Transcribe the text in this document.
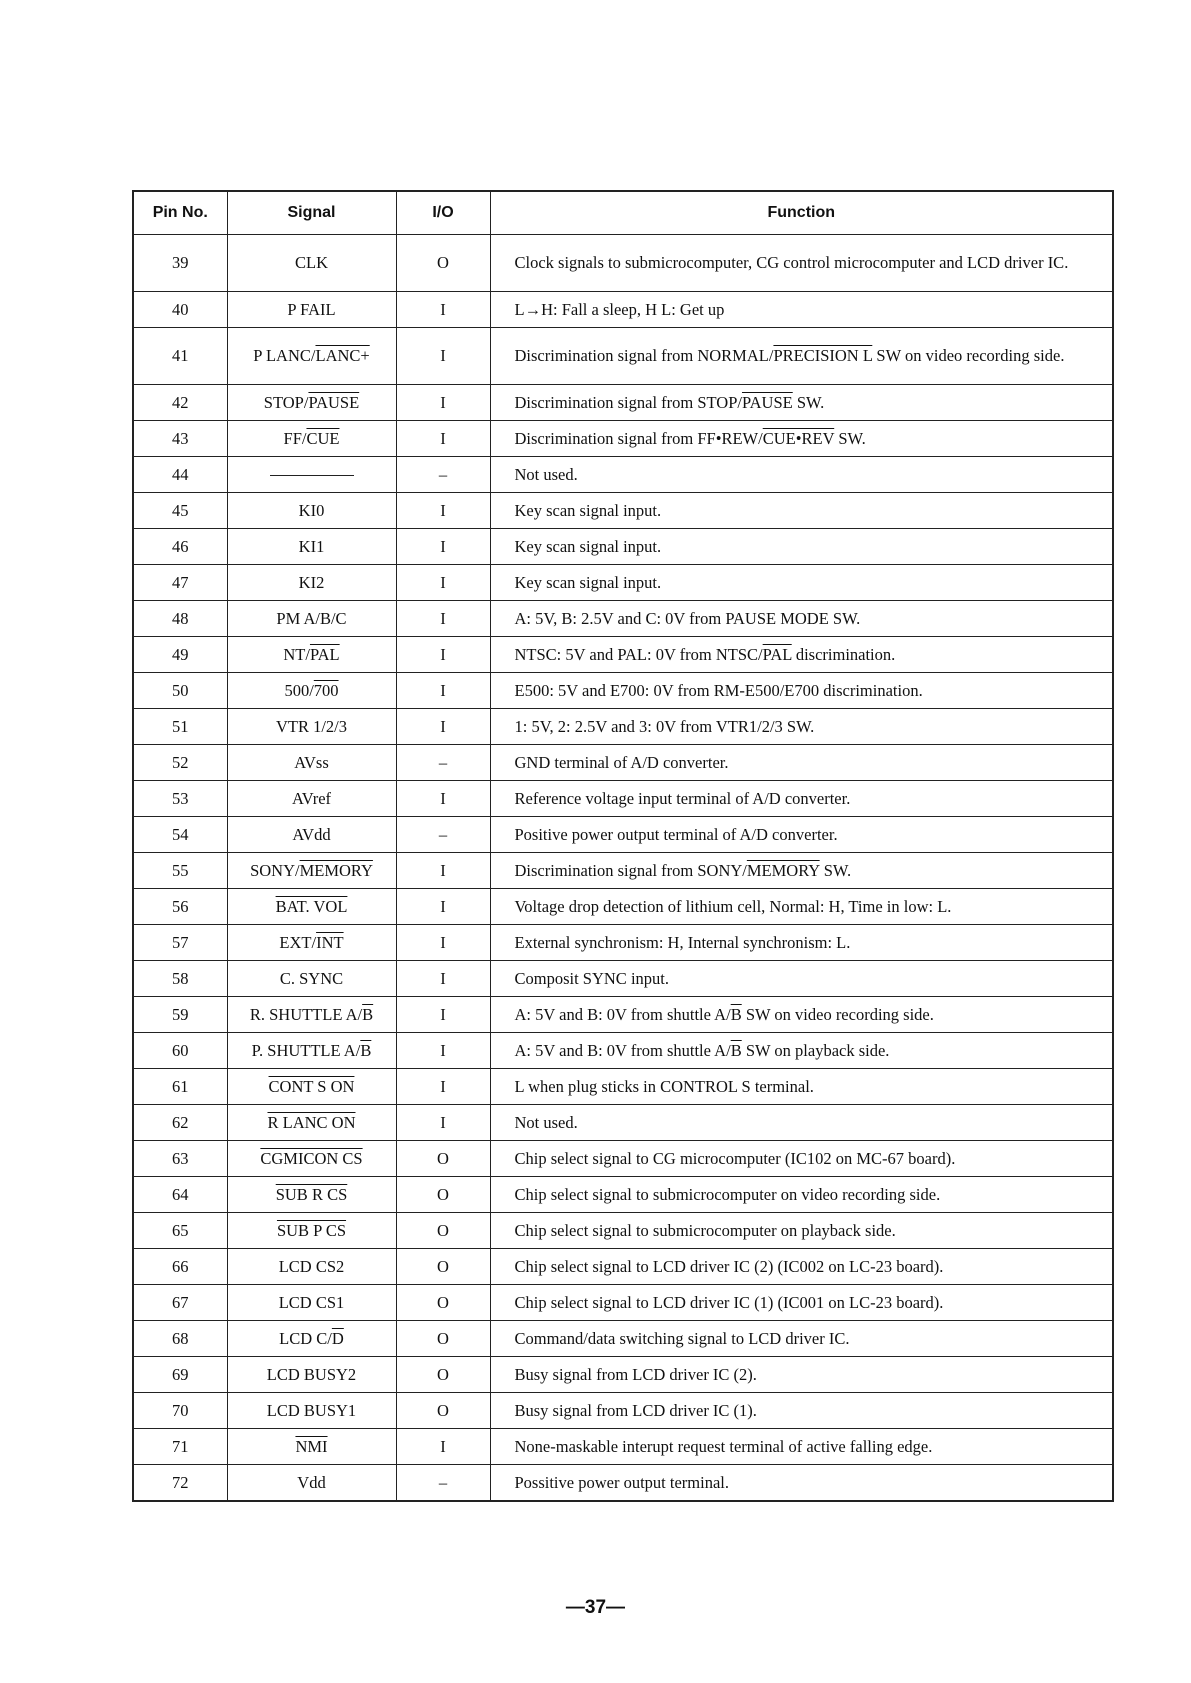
Pin No.	Signal	I/O	Function
39	CLK	O	Clock signals to submicrocomputer, CG control microcomputer and LCD driver IC.
40	P FAIL	I	L→H: Fall a sleep, H L: Get up
41	P LANC/LANC+	I	Discrimination signal from NORMAL/PRECISION L SW on video recording side.
42	STOP/PAUSE	I	Discrimination signal from STOP/PAUSE SW.
43	$FF/\overline{CUE}$	I	Discrimination signal from FF•REW/CUE•REV SW.
44		–	Not used.
45	KI0	I	Key scan signal input.
46	KI1	I	Key scan signal input.
47	KI2	I	Key scan signal input.
48	PM A/B/C	I	A: 5V, B: 2.5V and C: 0V from PAUSE MODE SW.
49	$NT/\overline{PAL}$	I	NTSC: 5V and PAL: 0V from NTSC/$\overline{PAL}$ discrimination.
50	500/700	I	E500: 5V and E700: 0V from RM-E500/E700 discrimination.
51	VTR 1/2/3	I	1: 5V, 2: 2.5V and 3: 0V from VTR1/2/3 SW.
52	AVss	–	GND terminal of A/D converter.
53	AVref	I	Reference voltage input terminal of A/D converter.
54	AVdd	–	Positive power output terminal of A/D converter.
55	SONY/MEMORY	I	Discrimination signal from SONY/MEMORY SW.
56	BAT. VOL	I	Voltage drop detection of lithium cell, Normal: H, Time in low: L.
57	EXT/$\overline{INT}$	I	External synchronism: H, Internal synchronism: L.
58	C. SYNC	I	Composit SYNC input.
59	R. SHUTTLE $A/\overline{B}$	I	A: 5V and B: 0V from shuttle $A/\overline{B}$ SW on video recording side.
60	P. SHUTTLE $A/\overline{B}$	I	A: 5V and B: 0V from shuttle $A/\overline{B}$ SW on playback side.
61	CONT S ON	I	L when plug sticks in CONTROL S terminal.
62	R LANC ON	I	Not used.
63	CGMICON CS	O	Chip select signal to CG microcomputer (IC102 on MC-67 board).
64	SUB R CS	O	Chip select signal to submicrocomputer on video recording side.
65	SUB P CS	O	Chip select signal to submicrocomputer on playback side.
66	LCD CS2	O	Chip select signal to LCD driver IC (2) (IC002 on LC-23 board).
67	LCD CS1	O	Chip select signal to LCD driver IC (1) (IC001 on LC-23 board).
68	LCD $C/\overline{D}$	O	Command/data switching signal to LCD driver IC.
69	LCD BUSY2	O	Busy signal from LCD driver IC (2).
70	LCD BUSY1	O	Busy signal from LCD driver IC (1).
71	$\overline{NMI}$	I	None-maskable interupt request terminal of active falling edge.
72	Vdd	–	Possitive power output terminal.
—37—
